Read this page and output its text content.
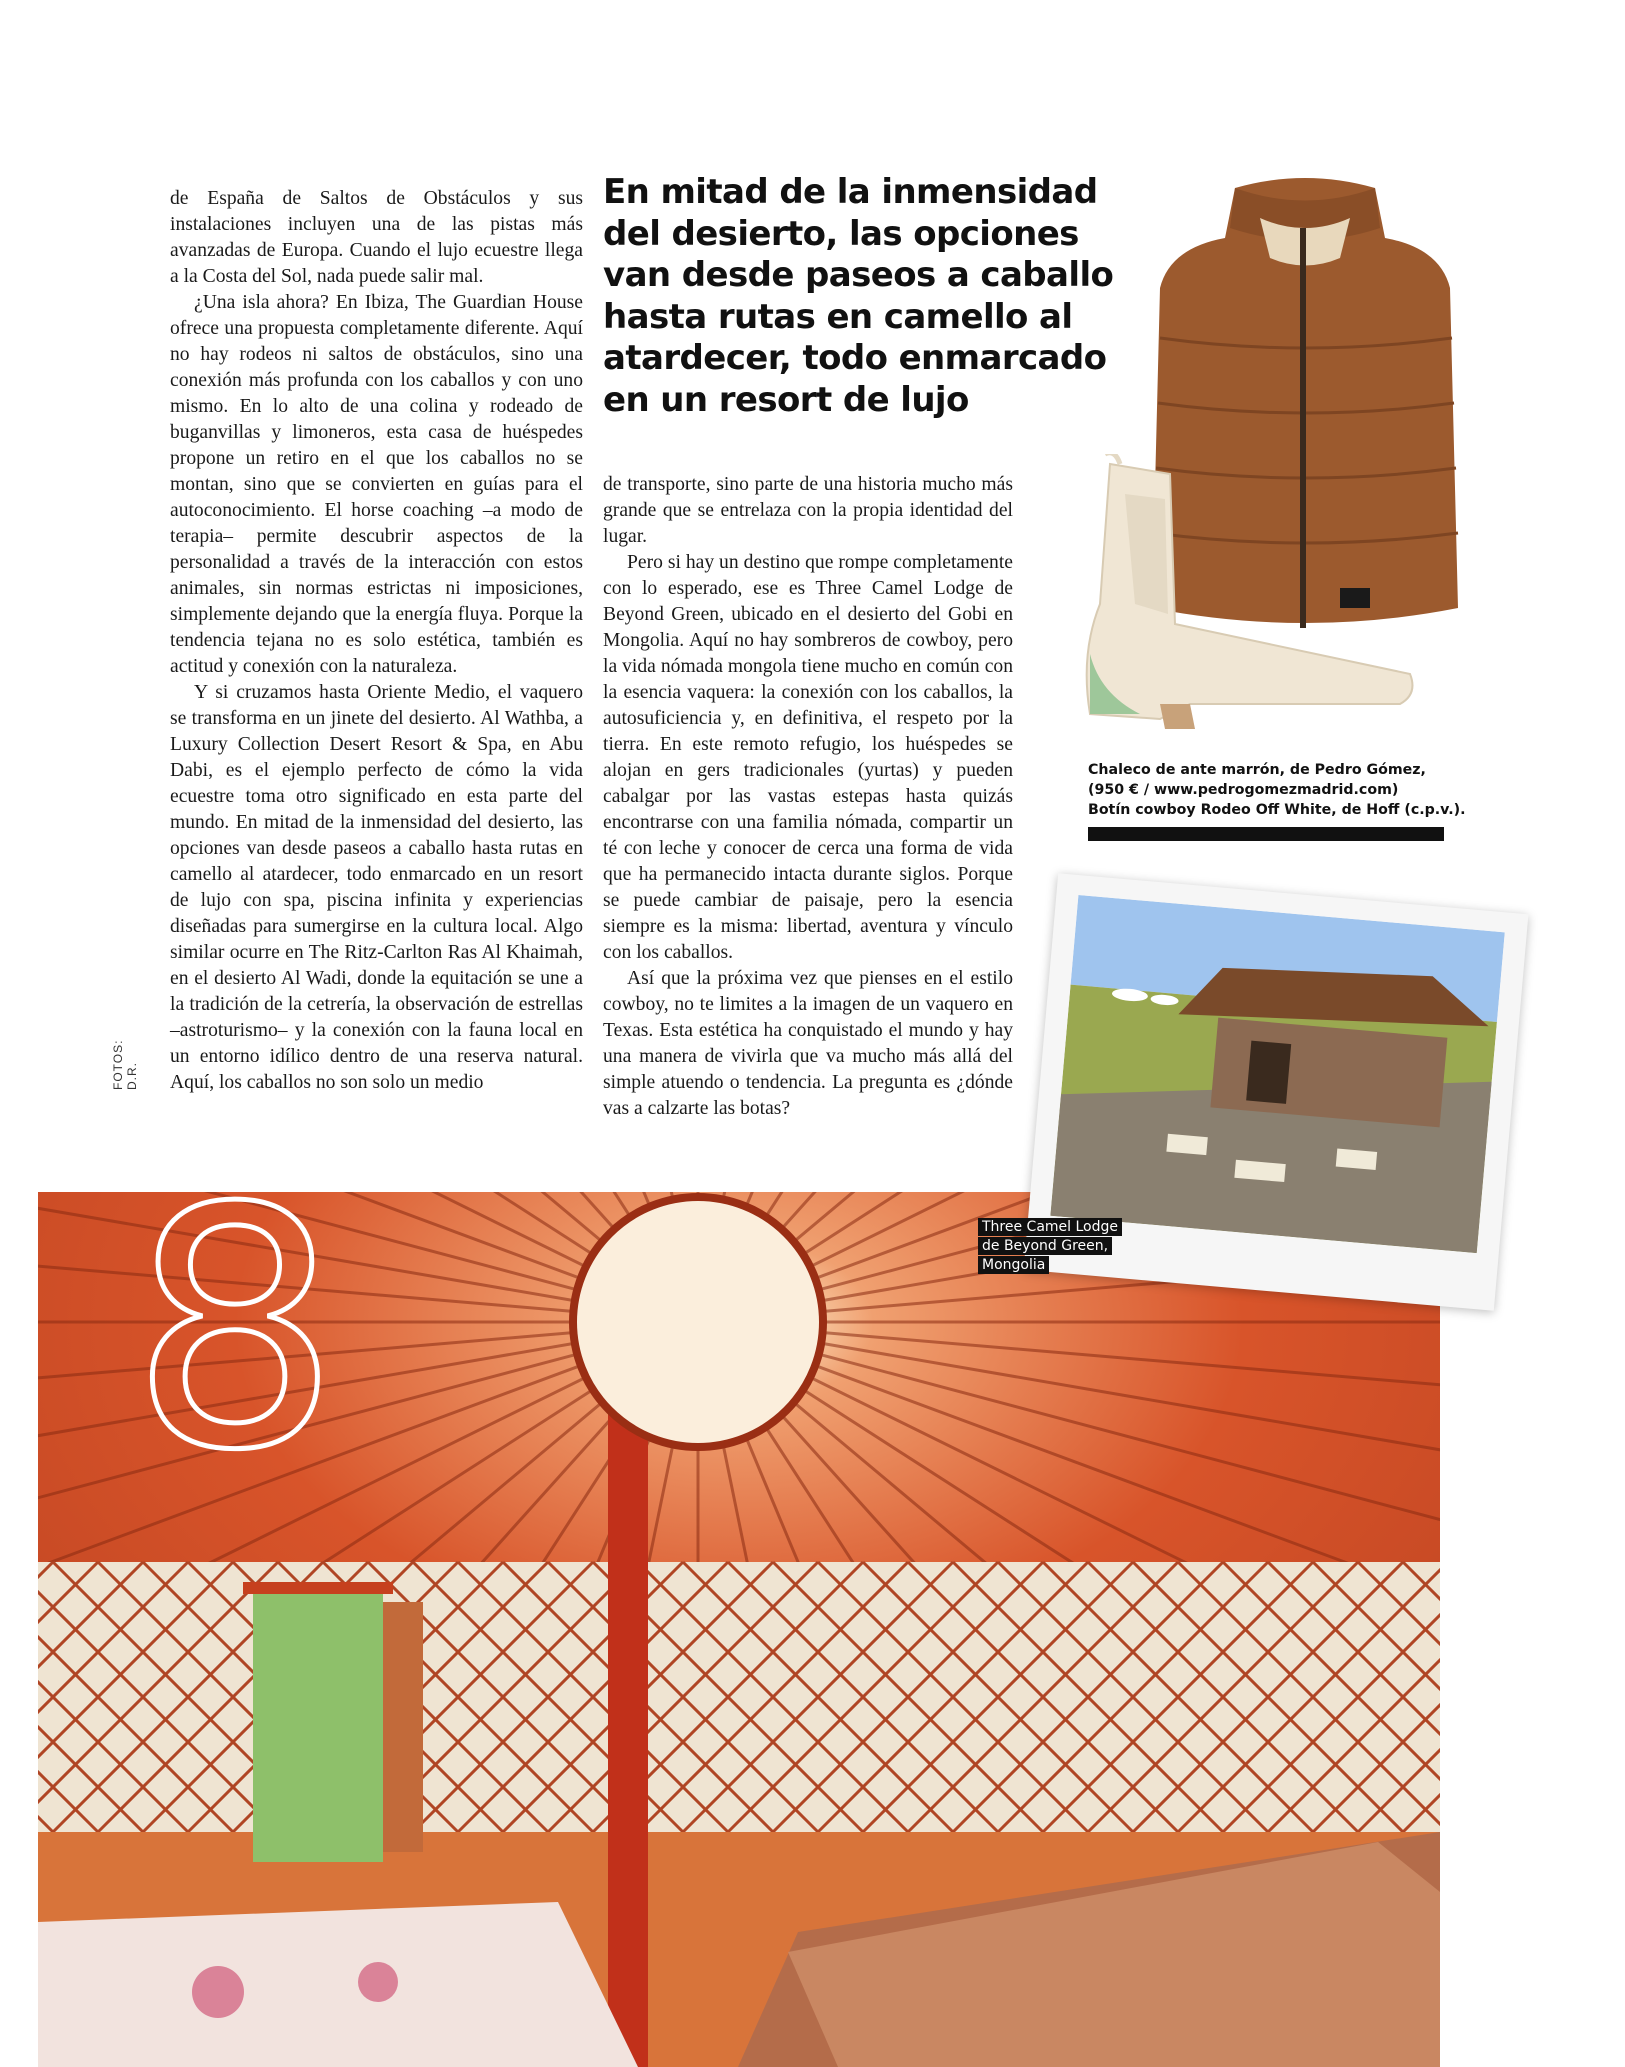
de España de Saltos de Obstáculos y sus instalaciones incluyen una de las pistas más avanzadas de Europa. Cuando el lujo ecuestre llega a la Costa del Sol, nada puede salir mal.

¿Una isla ahora? En Ibiza, The Guardian House ofrece una propuesta completamente diferente. Aquí no hay rodeos ni saltos de obstáculos, sino una conexión más profunda con los caballos y con uno mismo. En lo alto de una colina y rodeado de buganvillas y limoneros, esta casa de huéspedes propone un retiro en el que los caballos no se montan, sino que se convierten en guías para el autoconocimiento. El horse coaching –a modo de terapia– permite descubrir aspectos de la personalidad a través de la interacción con estos animales, sin normas estrictas ni imposiciones, simplemente dejando que la energía fluya. Porque la tendencia tejana no es solo estética, también es actitud y conexión con la naturaleza.

Y si cruzamos hasta Oriente Medio, el vaquero se transforma en un jinete del desierto. Al Wathba, a Luxury Collection Desert Resort & Spa, en Abu Dabi, es el ejemplo perfecto de cómo la vida ecuestre toma otro significado en esta parte del mundo. En mitad de la inmensidad del desierto, las opciones van desde paseos a caballo hasta rutas en camello al atardecer, todo enmarcado en un resort de lujo con spa, piscina infinita y experiencias diseñadas para sumergirse en la cultura local. Algo similar ocurre en The Ritz-Carlton Ras Al Khaimah, en el desierto Al Wadi, donde la equitación se une a la tradición de la cetrería, la observación de estrellas –astroturismo– y la conexión con la fauna local en un entorno idílico dentro de una reserva natural. Aquí, los caballos no son solo un medio

En mitad de la inmensidad del desierto, las opciones van desde paseos a caballo hasta rutas en camello al atardecer, todo enmarcado en un resort de lujo

de transporte, sino parte de una historia mucho más grande que se entrelaza con la propia identidad del lugar.

Pero si hay un destino que rompe completamente con lo esperado, ese es Three Camel Lodge de Beyond Green, ubicado en el desierto del Gobi en Mongolia. Aquí no hay sombreros de cowboy, pero la vida nómada mongola tiene mucho en común con la esencia vaquera: la conexión con los caballos, la autosuficiencia y, en definitiva, el respeto por la tierra. En este remoto refugio, los huéspedes se alojan en gers tradicionales (yurtas) y pueden cabalgar por las vastas estepas hasta quizás encontrarse con una familia nómada, compartir un té con leche y conocer de cerca una forma de vida que ha permanecido intacta durante siglos. Porque se puede cambiar de paisaje, pero la esencia siempre es la misma: libertad, aventura y vínculo con los caballos.

Así que la próxima vez que pienses en el estilo cowboy, no te limites a la imagen de un vaquero en Texas. Esta estética ha conquistado el mundo y hay una manera de vivirla que va mucho más allá del simple atuendo o tendencia. La pregunta es ¿dónde vas a calzarte las botas?

FOTOS: D.R.
Chaleco de ante marrón, de Pedro Gómez,
(950 € / www.pedrogomezmadrid.com)
Botín cowboy Rodeo Off White, de Hoff (c.p.v.).
8	Three Camel Lodge de Beyond Green, Mongolia
